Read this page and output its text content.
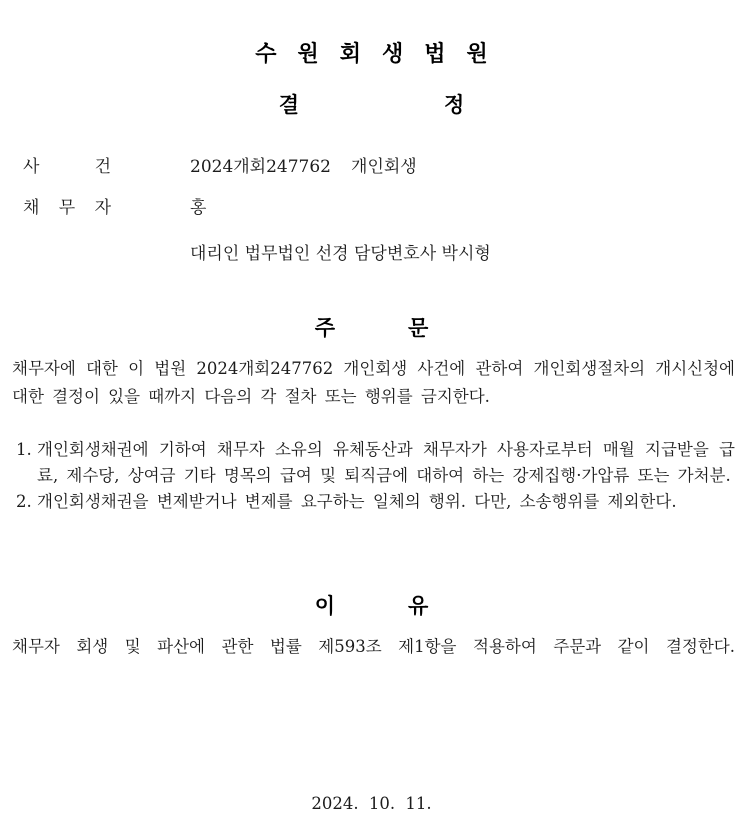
수원회생법원
결	정
사	건	2024개회247762 개인회생
채 무 자	홍
대리인 법무법인 선경 담당변호사 박시형
주	문

채무자에 대한 이 법원 2024개회247762 개인회생 사건에 관하여 개인회생절차의 개시신청에 대한 결정이 있을 때까지 다음의 각 절차 또는 행위를 금지한다.

1. 개인회생채권에 기하여 채무자 소유의 유체동산과 채무자가 사용자로부터 매월 지급받을 급료, 제수당, 상여금 기타 명목의 급여 및 퇴직금에 대하여 하는 강제집행·가압류 또는 가처분.
2. 개인회생채권을 변제받거나 변제를 요구하는 일체의 행위. 다만, 소송행위를 제외한다.
이	유

채무자 회생 및 파산에 관한 법률 제593조 제1항을 적용하여 주문과 같이 결정한다.

2024. 10. 11.
